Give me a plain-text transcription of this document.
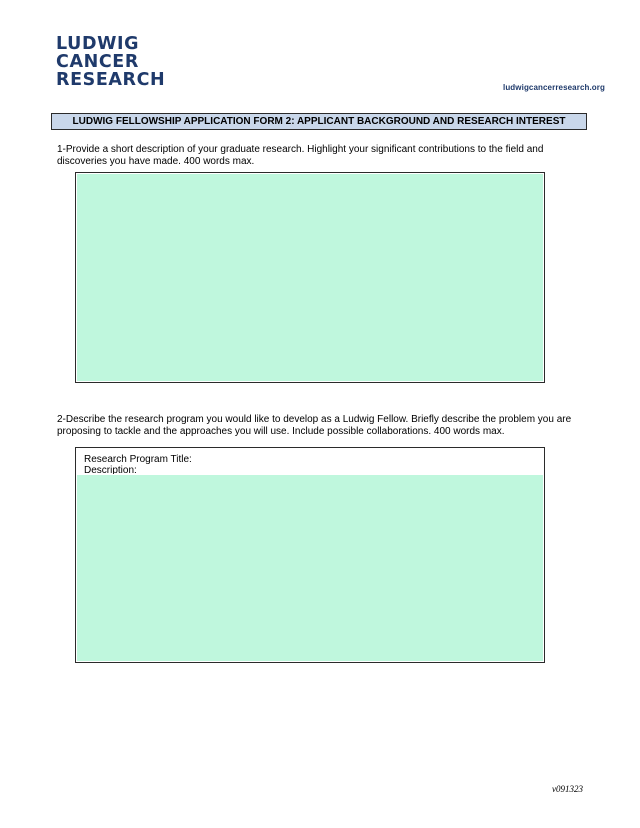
LUDWIG
CANCER
RESEARCH	ludwigcancerresearch.org
LUDWIG FELLOWSHIP APPLICATION FORM 2: APPLICANT BACKGROUND AND RESEARCH INTEREST
1-Provide a short description of your graduate research. Highlight your significant contributions to the field and discoveries you have made. 400 words max.
2-Describe the research program you would like to develop as a Ludwig Fellow. Briefly describe the problem you are proposing to tackle and the approaches you will use. Include possible collaborations. 400 words max.
Research Program Title:
Description:
v091323
